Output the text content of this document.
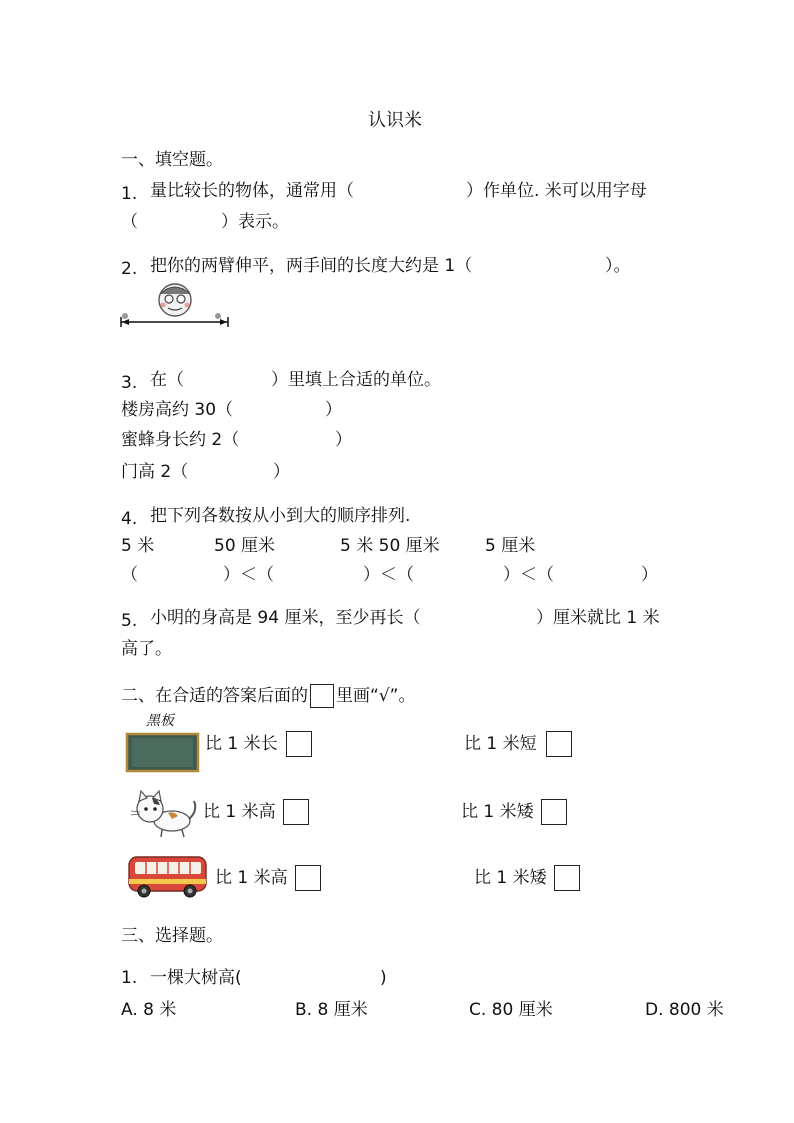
认识米
一、填空题。
1. 量比较长的物体，通常用（	）作单位. 米可以用字母
（	）表示。
2. 把你的两臂伸平，两手间的长度大约是 1（	）。
3. 在（	）里填上合适的单位。
楼房高约 30（	）
蜜蜂身长约 2（	）
门高 2（	）
4. 把下列各数按从小到大的顺序排列.
5 米	50 厘米	5 米 50 厘米	5 厘米
（	）＜（	）＜（	）＜（	）
5. 小明的身高是 94 厘米，至少再长（	）厘米就比 1 米
高了。
二、在合适的答案后面的 里画“√”。
黑板
比 1 米长	比 1 米短
比 1 米高	比 1 米矮
比 1 米高	比 1 米矮
三、选择题。
1. 一棵大树高(	)
A. 8 米	B. 8 厘米	C. 80 厘米	D. 800 米
